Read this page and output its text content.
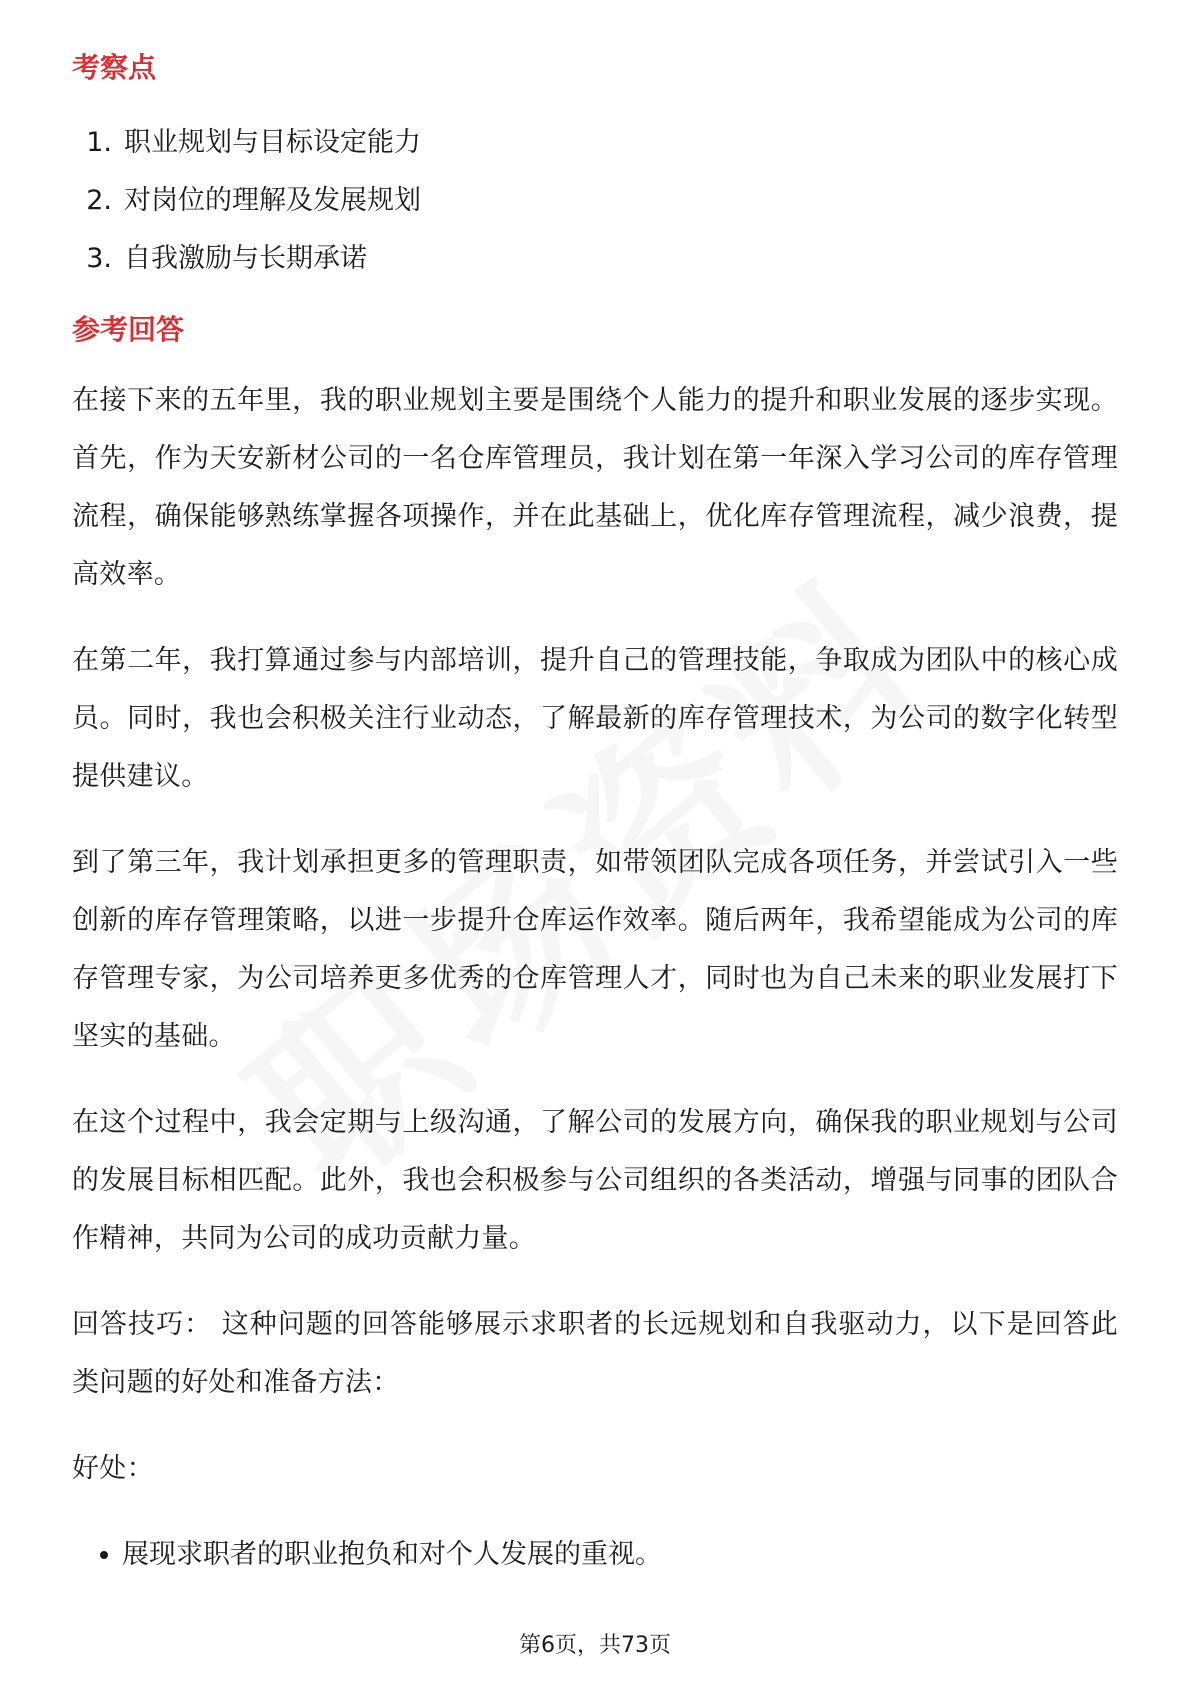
考察点
1. 职业规划与目标设定能力
2. 对岗位的理解及发展规划
3. 自我激励与长期承诺
参考回答

在接下来的五年里，我的职业规划主要是围绕个人能力的提升和职业发展的逐步实现。首先，作为天安新材公司的一名仓库管理员，我计划在第一年深入学习公司的库存管理流程，确保能够熟练掌握各项操作，并在此基础上，优化库存管理流程，减少浪费，提高效率。

在第二年，我打算通过参与内部培训，提升自己的管理技能，争取成为团队中的核心成员。同时，我也会积极关注行业动态，了解最新的库存管理技术，为公司的数字化转型提供建议。

到了第三年，我计划承担更多的管理职责，如带领团队完成各项任务，并尝试引入一些创新的库存管理策略，以进一步提升仓库运作效率。随后两年，我希望能成为公司的库存管理专家，为公司培养更多优秀的仓库管理人才，同时也为自己未来的职业发展打下坚实的基础。

在这个过程中，我会定期与上级沟通，了解公司的发展方向，确保我的职业规划与公司的发展目标相匹配。此外，我也会积极参与公司组织的各类活动，增强与同事的团队合作精神，共同为公司的成功贡献力量。

回答技巧： 这种问题的回答能够展示求职者的长远规划和自我驱动力，以下是回答此类问题的好处和准备方法：

好处：

展现求职者的职业抱负和对个人发展的重视。
第6页，共73页
